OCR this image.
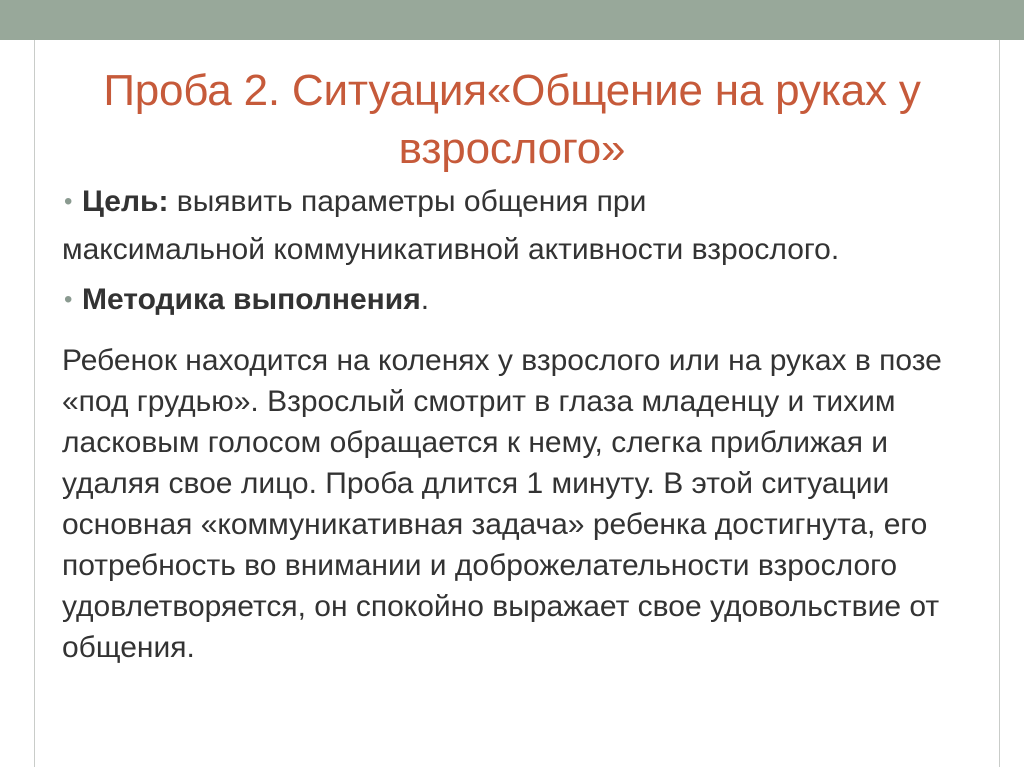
Проба 2. Ситуация«Общение на руках у взрослого»
• Цель: выявить параметры общения при
максимальной коммуникативной активности взрослого.
• Методика выполнения.
Ребенок находится на коленях у взрослого или на руках в позе «под грудью». Взрослый смотрит в глаза младенцу и тихим ласковым голосом обращается к нему, слегка приближая и удаляя свое лицо. Проба длится 1 минуту. В этой ситуации основная «коммуникативная задача» ребенка достигнута, его потребность во внимании и доброжелательности взрослого удовлетворяется, он спокойно выражает свое удовольствие от общения.
